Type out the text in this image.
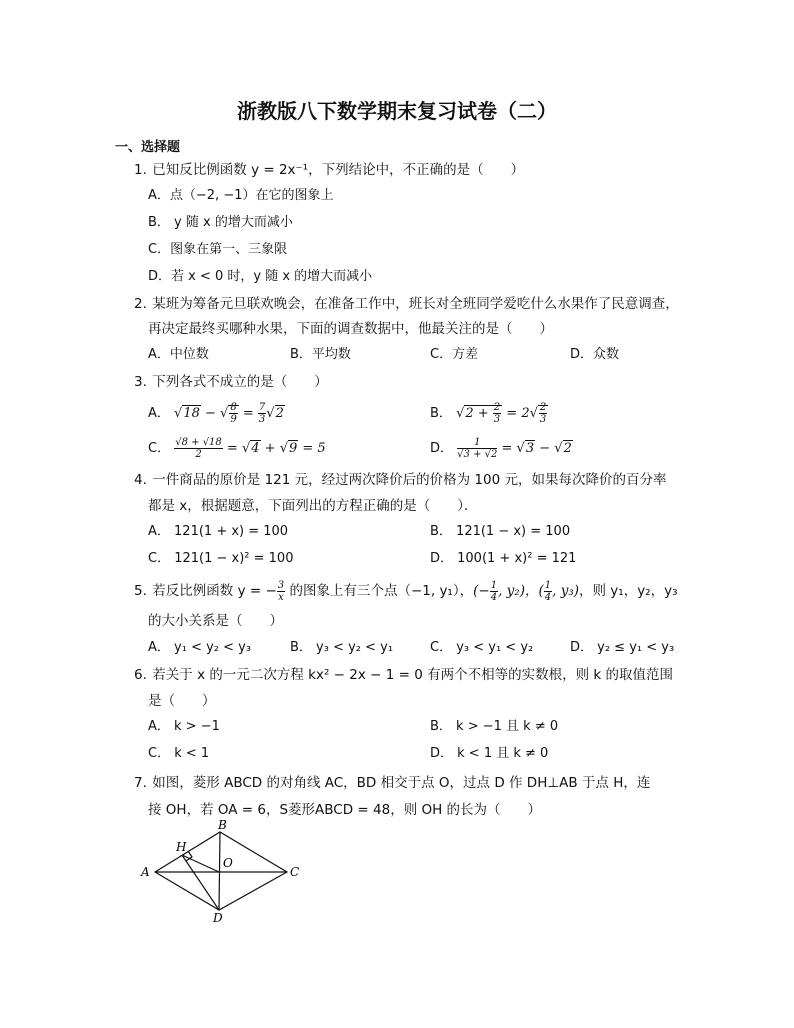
浙教版八下数学期末复习试卷（二）
一、选择题
1. 已知反比例函数 y = 2x⁻¹，下列结论中，不正确的是（　　）
A．点（−2, −1）在它的图象上
B． y 随 x 的增大而减小
C．图象在第一、三象限
D．若 x < 0 时，y 随 x 的增大而减小
2. 某班为筹备元旦联欢晚会，在准备工作中，班长对全班同学爱吃什么水果作了民意调查，
再决定最终买哪种水果，下面的调查数据中，他最关注的是（　　）
A．中位数	B．平均数	C．方差	D．众数
3. 下列各式不成立的是（　　）
A． √18 − √ $\frac{8}{9} = \frac{7}{3} √2$	B． $√2 + \frac{2}{3} = 2√ \frac{2}{3}$
C． $\frac{√8 + √18}{2} = √4 + √9 = 5$	D． $\frac{1}{√3 + √2} = √3 - √2$
4. 一件商品的原价是 121 元，经过两次降价后的价格为 100 元，如果每次降价的百分率
都是 x，根据题意，下面列出的方程正确的是（　　）．
A． 121(1 + x) = 100	B． 121(1 − x) = 100
C． 121(1 − x)² = 100	D． 100(1 + x)² = 121
5. 若反比例函数 y = − $\frac{3}{x}$ 的图象上有三个点（−1, y₁），(− $\frac{1}{4}$ , y₂)，( $\frac{1}{4}$ , y₃)，则 y₁，y₂，y₃
的大小关系是（　　）
A． y₁ < y₂ < y₃	B． y₃ < y₂ < y₁	C． y₃ < y₁ < y₂	D． y₂ ≤ y₁ < y₃
6. 若关于 x 的一元二次方程 kx² − 2x − 1 = 0 有两个不相等的实数根，则 k 的取值范围
是（　　）
A． k > −1	B． k > −1 且 k ≠ 0
C． k < 1	D． k < 1 且 k ≠ 0
7. 如图，菱形 ABCD 的对角线 AC，BD 相交于点 O，过点 D 作 DH⊥AB 于点 H，连
接 OH，若 OA = 6，S菱形ABCD = 48，则 OH 的长为（　　）
A
B
C
D
H
O
